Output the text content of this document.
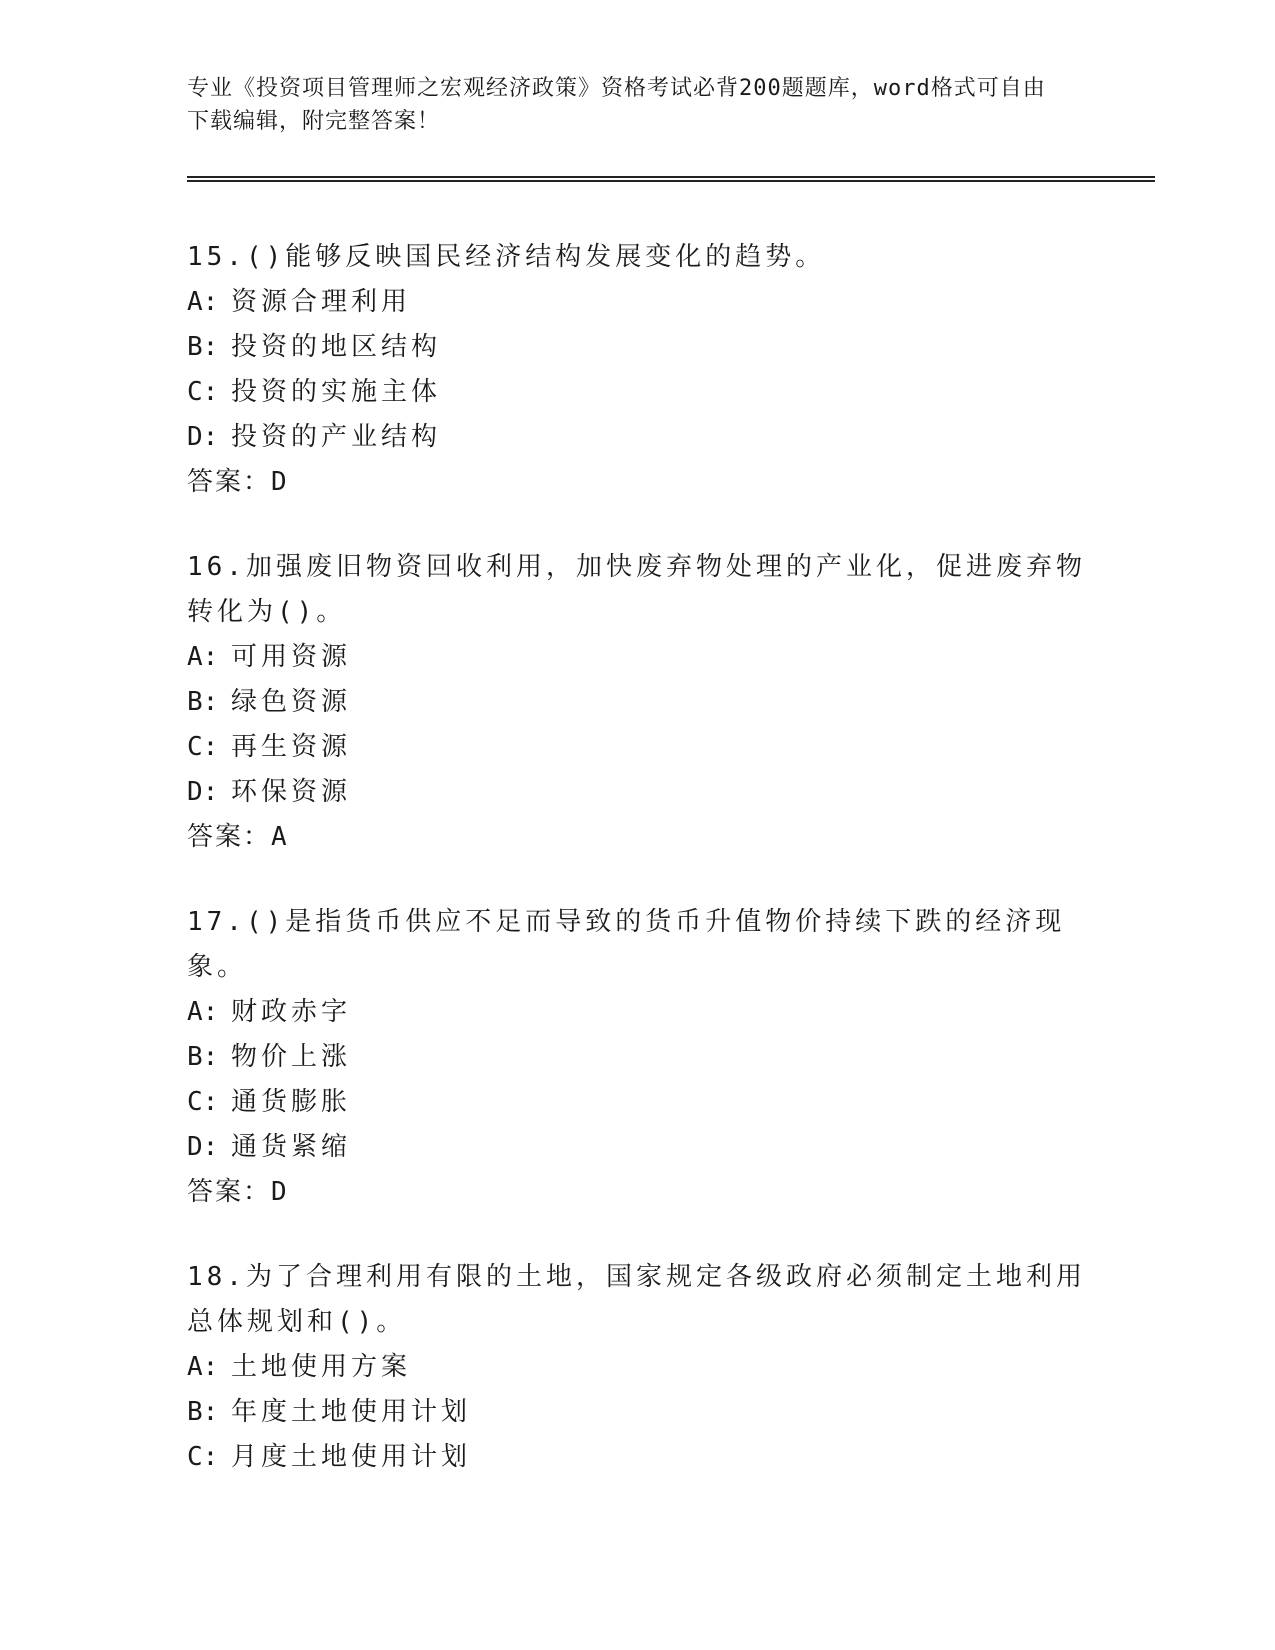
专业《投资项目管理师之宏观经济政策》资格考试必背200题题库，word格式可自由下载编辑，附完整答案！

15.()能够反映国民经济结构发展变化的趋势。

A: 资源合理利用

B: 投资的地区结构

C: 投资的实施主体

D: 投资的产业结构

答案：D

16.加强废旧物资回收利用，加快废弃物处理的产业化，促进废弃物转化为()。

A: 可用资源

B: 绿色资源

C: 再生资源

D: 环保资源

答案：A

17.()是指货币供应不足而导致的货币升值物价持续下跌的经济现象。

A: 财政赤字

B: 物价上涨

C: 通货膨胀

D: 通货紧缩

答案：D

18.为了合理利用有限的土地，国家规定各级政府必须制定土地利用总体规划和()。

A: 土地使用方案

B: 年度土地使用计划

C: 月度土地使用计划
